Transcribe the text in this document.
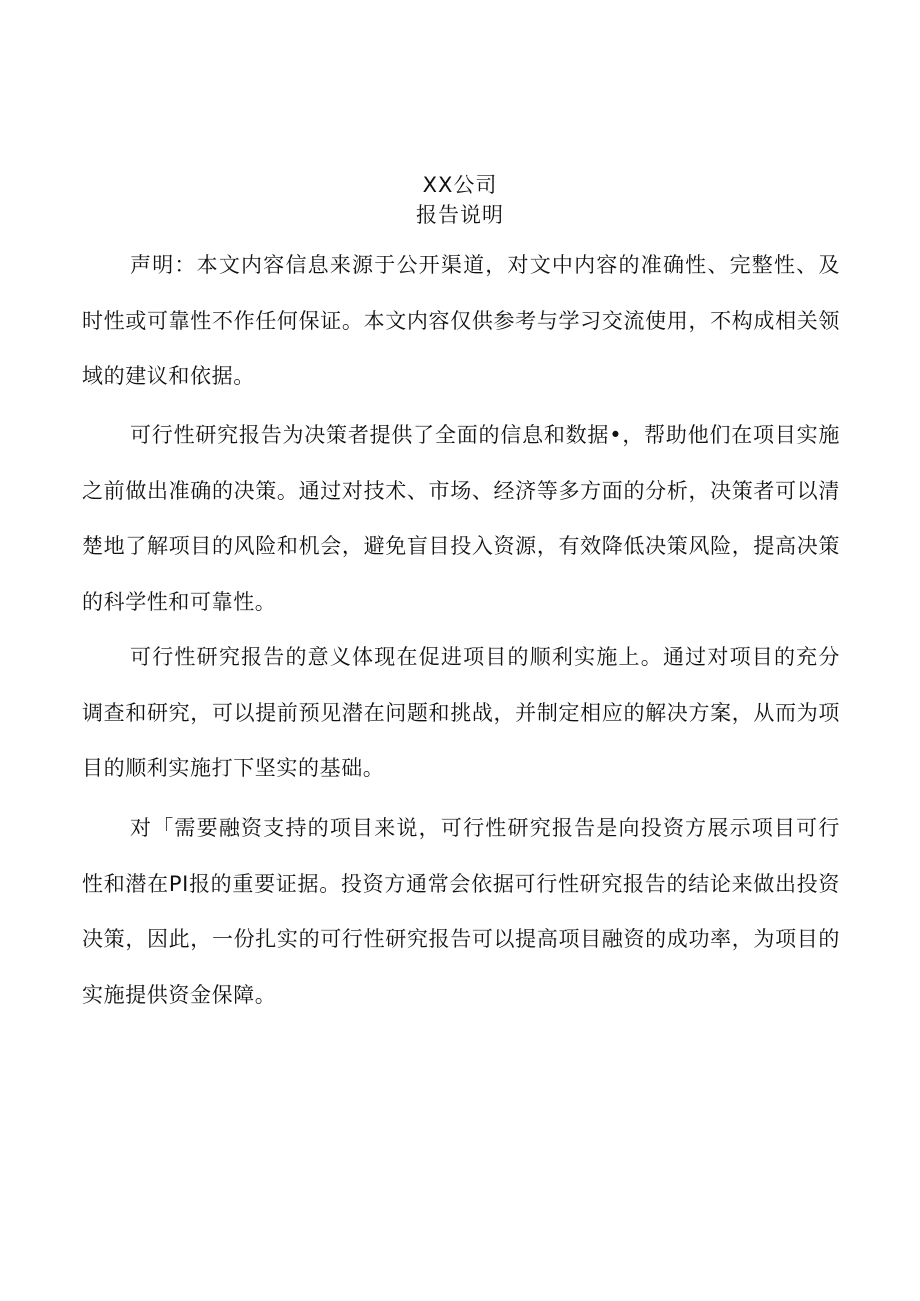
XX公司
报告说明

声明：本文内容信息来源于公开渠道，对文中内容的准确性、完整性、及时性或可靠性不作任何保证。本文内容仅供参考与学习交流使用，不构成相关领域的建议和依据。

可行性研究报告为决策者提供了全面的信息和数据•，帮助他们在项目实施之前做出准确的决策。通过对技术、市场、经济等多方面的分析，决策者可以清楚地了解项目的风险和机会，避免盲目投入资源，有效降低决策风险，提高决策的科学性和可靠性。

可行性研究报告的意义体现在促进项目的顺利实施上。通过对项目的充分调查和研究，可以提前预见潜在问题和挑战，并制定相应的解决方案，从而为项目的顺利实施打下坚实的基础。

对「需要融资支持的项目来说，可行性研究报告是向投资方展示项目可行性和潜在PI报的重要证据。投资方通常会依据可行性研究报告的结论来做出投资决策，因此，一份扎实的可行性研究报告可以提高项目融资的成功率，为项目的实施提供资金保障。
